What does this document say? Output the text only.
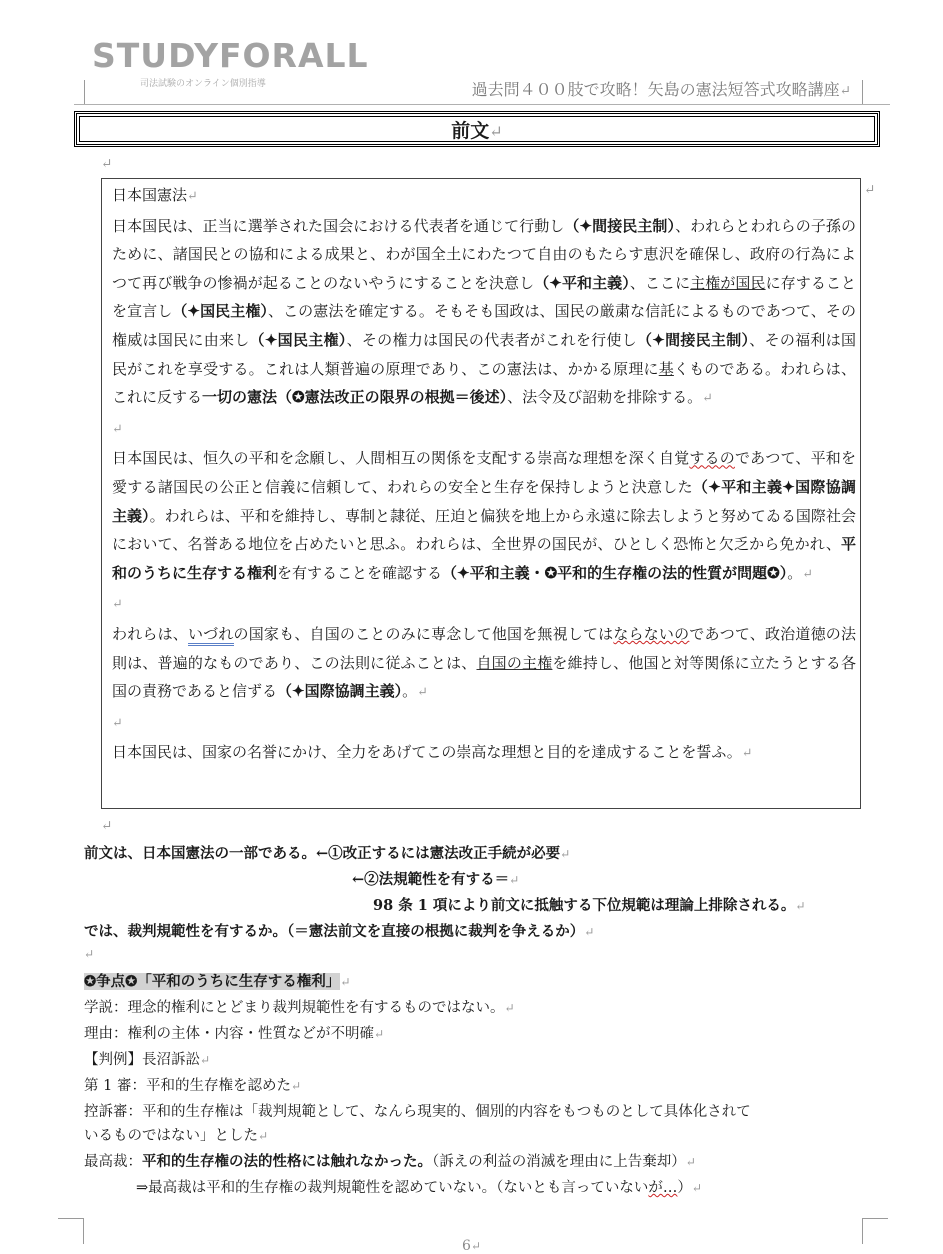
STUDYFORALL
司法試験のオンライン個別指導	過去問４００肢で攻略！矢島の憲法短答式攻略講座↵
前文↵
↵

日本国憲法↵

日本国民は、正当に選挙された国会における代表者を通じて行動し（✦間接民主制）、われらとわれらの子孫のために、諸国民との協和による成果と、わが国全土にわたつて自由のもたらす恵沢を確保し、政府の行為によつて再び戦争の惨禍が起ることのないやうにすることを決意し（✦平和主義）、ここに主権が国民に存することを宣言し（✦国民主権）、この憲法を確定する。そもそも国政は、国民の厳粛な信託によるものであつて、その権威は国民に由来し（✦国民主権）、その権力は国民の代表者がこれを行使し（✦間接民主制）、その福利は国民がこれを享受する。これは人類普遍の原理であり、この憲法は、かかる原理に基くものである。われらは、これに反する一切の憲法（✪憲法改正の限界の根拠＝後述）、法令及び詔勅を排除する。↵

↵

日本国民は、恒久の平和を念願し、人間相互の関係を支配する崇高な理想を深く自覚するのであつて、平和を愛する諸国民の公正と信義に信頼して、われらの安全と生存を保持しようと決意した（✦平和主義✦国際協調主義）。われらは、平和を維持し、専制と隷従、圧迫と偏狭を地上から永遠に除去しようと努めてゐる国際社会において、名誉ある地位を占めたいと思ふ。われらは、全世界の国民が、ひとしく恐怖と欠乏から免かれ、平和のうちに生存する権利を有することを確認する（✦平和主義・✪平和的生存権の法的性質が問題✪）。↵

↵

われらは、いづれの国家も、自国のことのみに専念して他国を無視してはならないのであつて、政治道徳の法則は、普遍的なものであり、この法則に従ふことは、自国の主権を維持し、他国と対等関係に立たうとする各国の責務であると信ずる（✦国際協調主義）。↵

↵

日本国民は、国家の名誉にかけ、全力をあげてこの崇高な理想と目的を達成することを誓ふ。↵

↵
↵
前文は、日本国憲法の一部である。←①改正するには憲法改正手続が必要↵
←②法規範性を有する＝↵
98 条 1 項により前文に抵触する下位規範は理論上排除される。↵
では、裁判規範性を有するか。（＝憲法前文を直接の根拠に裁判を争えるか）↵
↵
✪争点✪「平和のうちに生存する権利」↵
学説：理念的権利にとどまり裁判規範性を有するものではない。↵
理由：権利の主体・内容・性質などが不明確↵
【判例】長沼訴訟↵
第 1 審：平和的生存権を認めた↵
控訴審：平和的生存権は「裁判規範として、なんら現実的、個別的内容をもつものとして具体化されて
いるものではない」とした↵
最高裁：平和的生存権の法的性格には触れなかった。（訴えの利益の消滅を理由に上告棄却）↵
⇒最高裁は平和的生存権の裁判規範性を認めていない。（ないとも言っていないが…）↵
6↵
